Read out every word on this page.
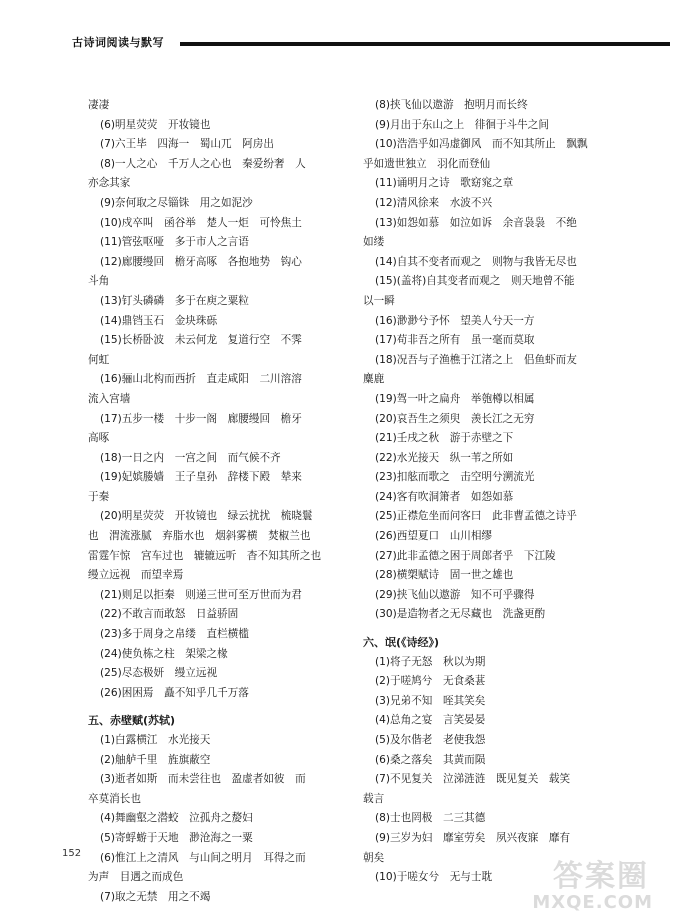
古诗词阅读与默写
凄凄
(6)明星荧荧　开妆镜也
(7)六王毕　四海一　蜀山兀　阿房出
(8)一人之心　千万人之心也　秦爱纷奢　人
亦念其家
(9)奈何取之尽锱铢　用之如泥沙
(10)戍卒叫　函谷举　楚人一炬　可怜焦土
(11)管弦呕哑　多于市人之言语
(12)廊腰缦回　檐牙高啄　各抱地势　钩心
斗角
(13)钉头磷磷　多于在庾之粟粒
(14)鼎铛玉石　金块珠砾
(15)长桥卧波　未云何龙　复道行空　不霁
何虹
(16)骊山北构而西折　直走咸阳　二川溶溶
流入宫墙
(17)五步一楼　十步一阁　廊腰缦回　檐牙
高啄
(18)一日之内　一宫之间　而气候不齐
(19)妃嫔媵嫱　王子皇孙　辞楼下殿　辇来
于秦
(20)明星荧荧　开妆镜也　绿云扰扰　梳晓鬟
也　渭流涨腻　弃脂水也　烟斜雾横　焚椒兰也
雷霆乍惊　宫车过也　辘辘远听　杳不知其所之也
缦立远视　而望幸焉
(21)则足以拒秦　则递三世可至万世而为君
(22)不敢言而敢怒　日益骄固
(23)多于周身之帛缕　直栏横槛
(24)使负栋之柱　架梁之椽
(25)尽态极妍　缦立远视
(26)困困焉　矗不知乎几千万落
五、赤壁赋(苏轼)
(1)白露横江　水光接天
(2)舳舻千里　旌旗蔽空
(3)逝者如斯　而未尝往也　盈虚者如彼　而
卒莫消长也
(4)舞幽壑之潜蛟　泣孤舟之嫠妇
(5)寄蜉蝣于天地　渺沧海之一粟
(6)惟江上之清风　与山间之明月　耳得之而
为声　目遇之而成色
(7)取之无禁　用之不竭
(8)挟飞仙以遨游　抱明月而长终
(9)月出于东山之上　徘徊于斗牛之间
(10)浩浩乎如冯虚御风　而不知其所止　飘飘
乎如遗世独立　羽化而登仙
(11)诵明月之诗　歌窈窕之章
(12)清风徐来　水波不兴
(13)如怨如慕　如泣如诉　余音袅袅　不绝
如缕
(14)自其不变者而观之　则物与我皆无尽也
(15)(盖将)自其变者而观之　则天地曾不能
以一瞬
(16)渺渺兮予怀　望美人兮天一方
(17)苟非吾之所有　虽一毫而莫取
(18)况吾与子渔樵于江渚之上　侣鱼虾而友
麋鹿
(19)驾一叶之扁舟　举匏樽以相属
(20)哀吾生之须臾　羡长江之无穷
(21)壬戌之秋　游于赤壁之下
(22)水光接天　纵一苇之所如
(23)扣舷而歌之　击空明兮溯流光
(24)客有吹洞箫者　如怨如慕
(25)正襟危坐而问客曰　此非曹孟德之诗乎
(26)西望夏口　山川相缪
(27)此非孟德之困于周郎者乎　下江陵
(28)横槊赋诗　固一世之雄也
(29)挟飞仙以遨游　知不可乎骤得
(30)是造物者之无尽藏也　洗盏更酌
六、氓(《诗经》)
(1)将子无怒　秋以为期
(2)于嗟鸠兮　无食桑葚
(3)兄弟不知　咥其笑矣
(4)总角之宴　言笑晏晏
(5)及尔偕老　老使我怨
(6)桑之落矣　其黄而陨
(7)不见复关　泣涕涟涟　既见复关　载笑
载言
(8)士也罔极　二三其德
(9)三岁为妇　靡室劳矣　夙兴夜寐　靡有
朝矣
(10)于嗟女兮　无与士耽
152
答案圈
MXQE.COM
